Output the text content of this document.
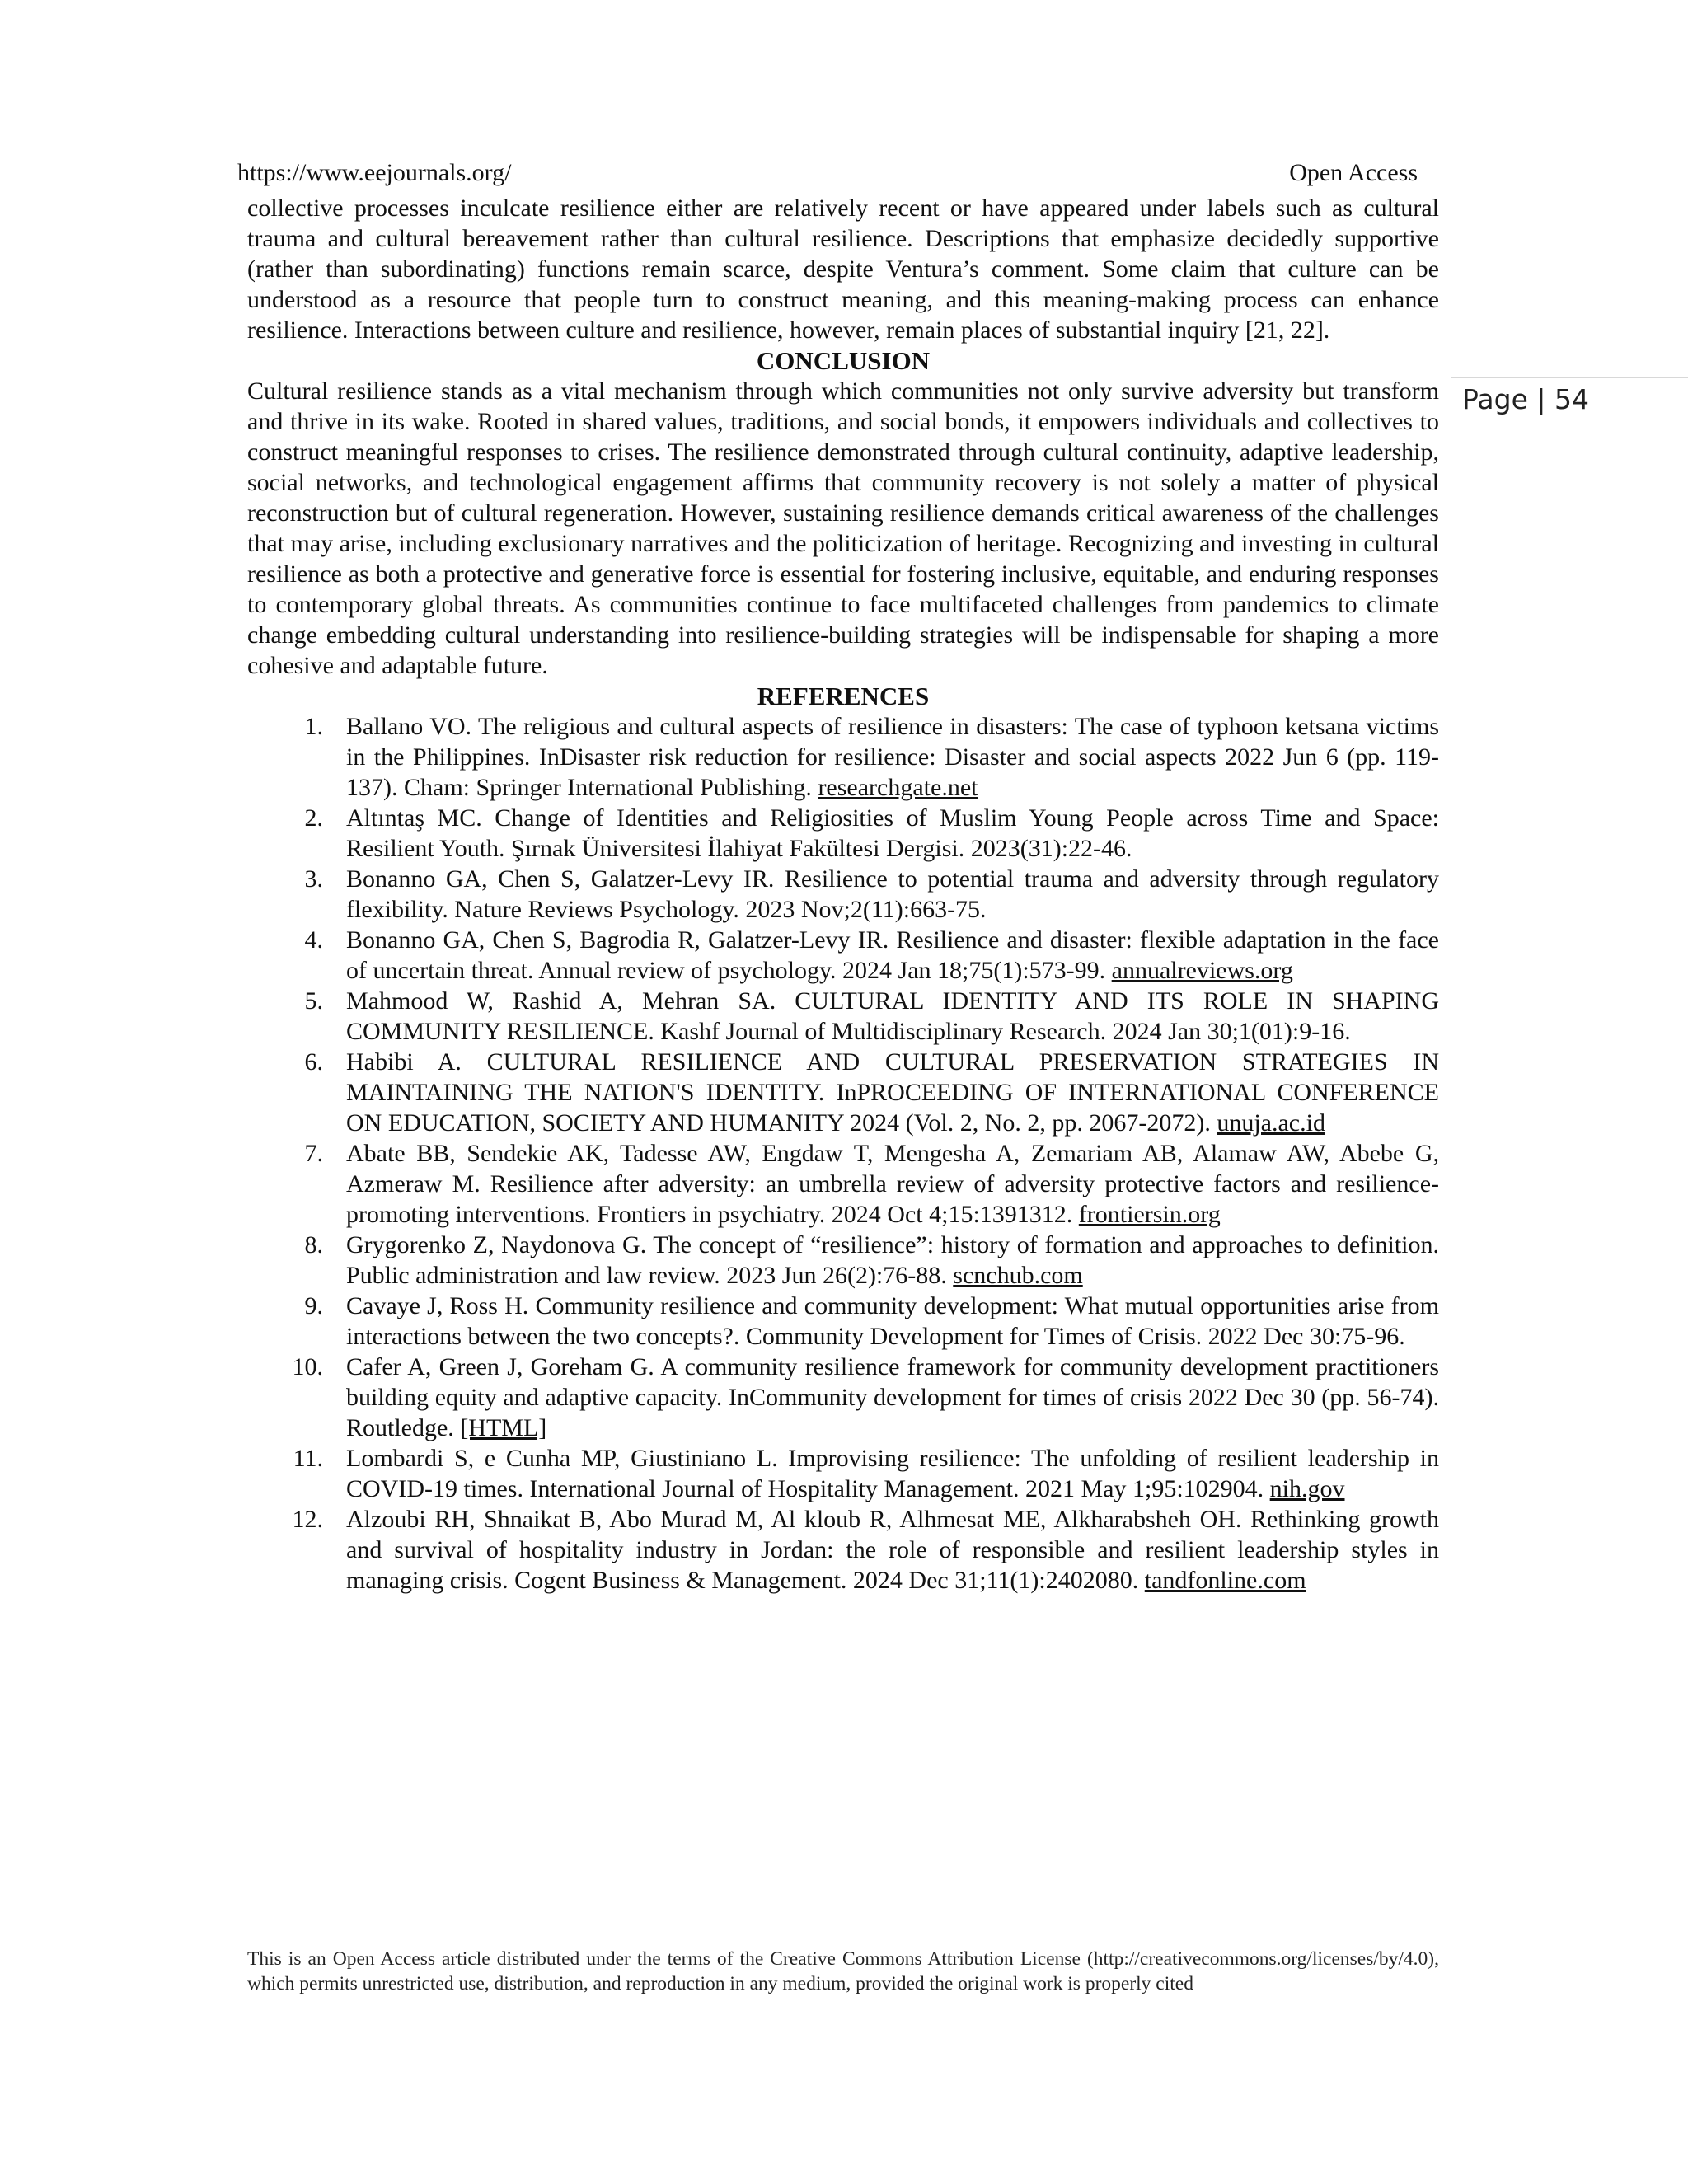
https://www.eejournals.org/	Open Access
Page | 54

collective processes inculcate resilience either are relatively recent or have appeared under labels such as cultural trauma and cultural bereavement rather than cultural resilience. Descriptions that emphasize decidedly supportive (rather than subordinating) functions remain scarce, despite Ventura’s comment. Some claim that culture can be understood as a resource that people turn to construct meaning, and this meaning-making process can enhance resilience. Interactions between culture and resilience, however, remain places of substantial inquiry [21, 22].

CONCLUSION

Cultural resilience stands as a vital mechanism through which communities not only survive adversity but transform and thrive in its wake. Rooted in shared values, traditions, and social bonds, it empowers individuals and collectives to construct meaningful responses to crises. The resilience demonstrated through cultural continuity, adaptive leadership, social networks, and technological engagement affirms that community recovery is not solely a matter of physical reconstruction but of cultural regeneration. However, sustaining resilience demands critical awareness of the challenges that may arise, including exclusionary narratives and the politicization of heritage. Recognizing and investing in cultural resilience as both a protective and generative force is essential for fostering inclusive, equitable, and enduring responses to contemporary global threats. As communities continue to face multifaceted challenges from pandemics to climate change embedding cultural understanding into resilience-building strategies will be indispensable for shaping a more cohesive and adaptable future.

REFERENCES
1. Ballano VO. The religious and cultural aspects of resilience in disasters: The case of typhoon ketsana victims in the Philippines. InDisaster risk reduction for resilience: Disaster and social aspects 2022 Jun 6 (pp. 119-137). Cham: Springer International Publishing. researchgate.net
2. Altıntaş MC. Change of Identities and Religiosities of Muslim Young People across Time and Space: Resilient Youth. Şırnak Üniversitesi İlahiyat Fakültesi Dergisi. 2023(31):22-46.
3. Bonanno GA, Chen S, Galatzer-Levy IR. Resilience to potential trauma and adversity through regulatory flexibility. Nature Reviews Psychology. 2023 Nov;2(11):663-75.
4. Bonanno GA, Chen S, Bagrodia R, Galatzer-Levy IR. Resilience and disaster: flexible adaptation in the face of uncertain threat. Annual review of psychology. 2024 Jan 18;75(1):573-99. annualreviews.org
5. Mahmood W, Rashid A, Mehran SA. CULTURAL IDENTITY AND ITS ROLE IN SHAPING COMMUNITY RESILIENCE. Kashf Journal of Multidisciplinary Research. 2024 Jan 30;1(01):9-16.
6. Habibi A. CULTURAL RESILIENCE AND CULTURAL PRESERVATION STRATEGIES IN MAINTAINING THE NATION'S IDENTITY. InPROCEEDING OF INTERNATIONAL CONFERENCE ON EDUCATION, SOCIETY AND HUMANITY 2024 (Vol. 2, No. 2, pp. 2067-2072). unuja.ac.id
7. Abate BB, Sendekie AK, Tadesse AW, Engdaw T, Mengesha A, Zemariam AB, Alamaw AW, Abebe G, Azmeraw M. Resilience after adversity: an umbrella review of adversity protective factors and resilience-promoting interventions. Frontiers in psychiatry. 2024 Oct 4;15:1391312. frontiersin.org
8. Grygorenko Z, Naydonova G. The concept of “resilience”: history of formation and approaches to definition. Public administration and law review. 2023 Jun 26(2):76-88. scnchub.com
9. Cavaye J, Ross H. Community resilience and community development: What mutual opportunities arise from interactions between the two concepts?. Community Development for Times of Crisis. 2022 Dec 30:75-96.
10. Cafer A, Green J, Goreham G. A community resilience framework for community development practitioners building equity and adaptive capacity. InCommunity development for times of crisis 2022 Dec 30 (pp. 56-74). Routledge. [HTML]
11. Lombardi S, e Cunha MP, Giustiniano L. Improvising resilience: The unfolding of resilient leadership in COVID-19 times. International Journal of Hospitality Management. 2021 May 1;95:102904. nih.gov
12. Alzoubi RH, Shnaikat B, Abo Murad M, Al kloub R, Alhmesat ME, Alkharabsheh OH. Rethinking growth and survival of hospitality industry in Jordan: the role of responsible and resilient leadership styles in managing crisis. Cogent Business & Management. 2024 Dec 31;11(1):2402080. tandfonline.com
This is an Open Access article distributed under the terms of the Creative Commons Attribution License (http://creativecommons.org/licenses/by/4.0), which permits unrestricted use, distribution, and reproduction in any medium, provided the original work is properly cited
